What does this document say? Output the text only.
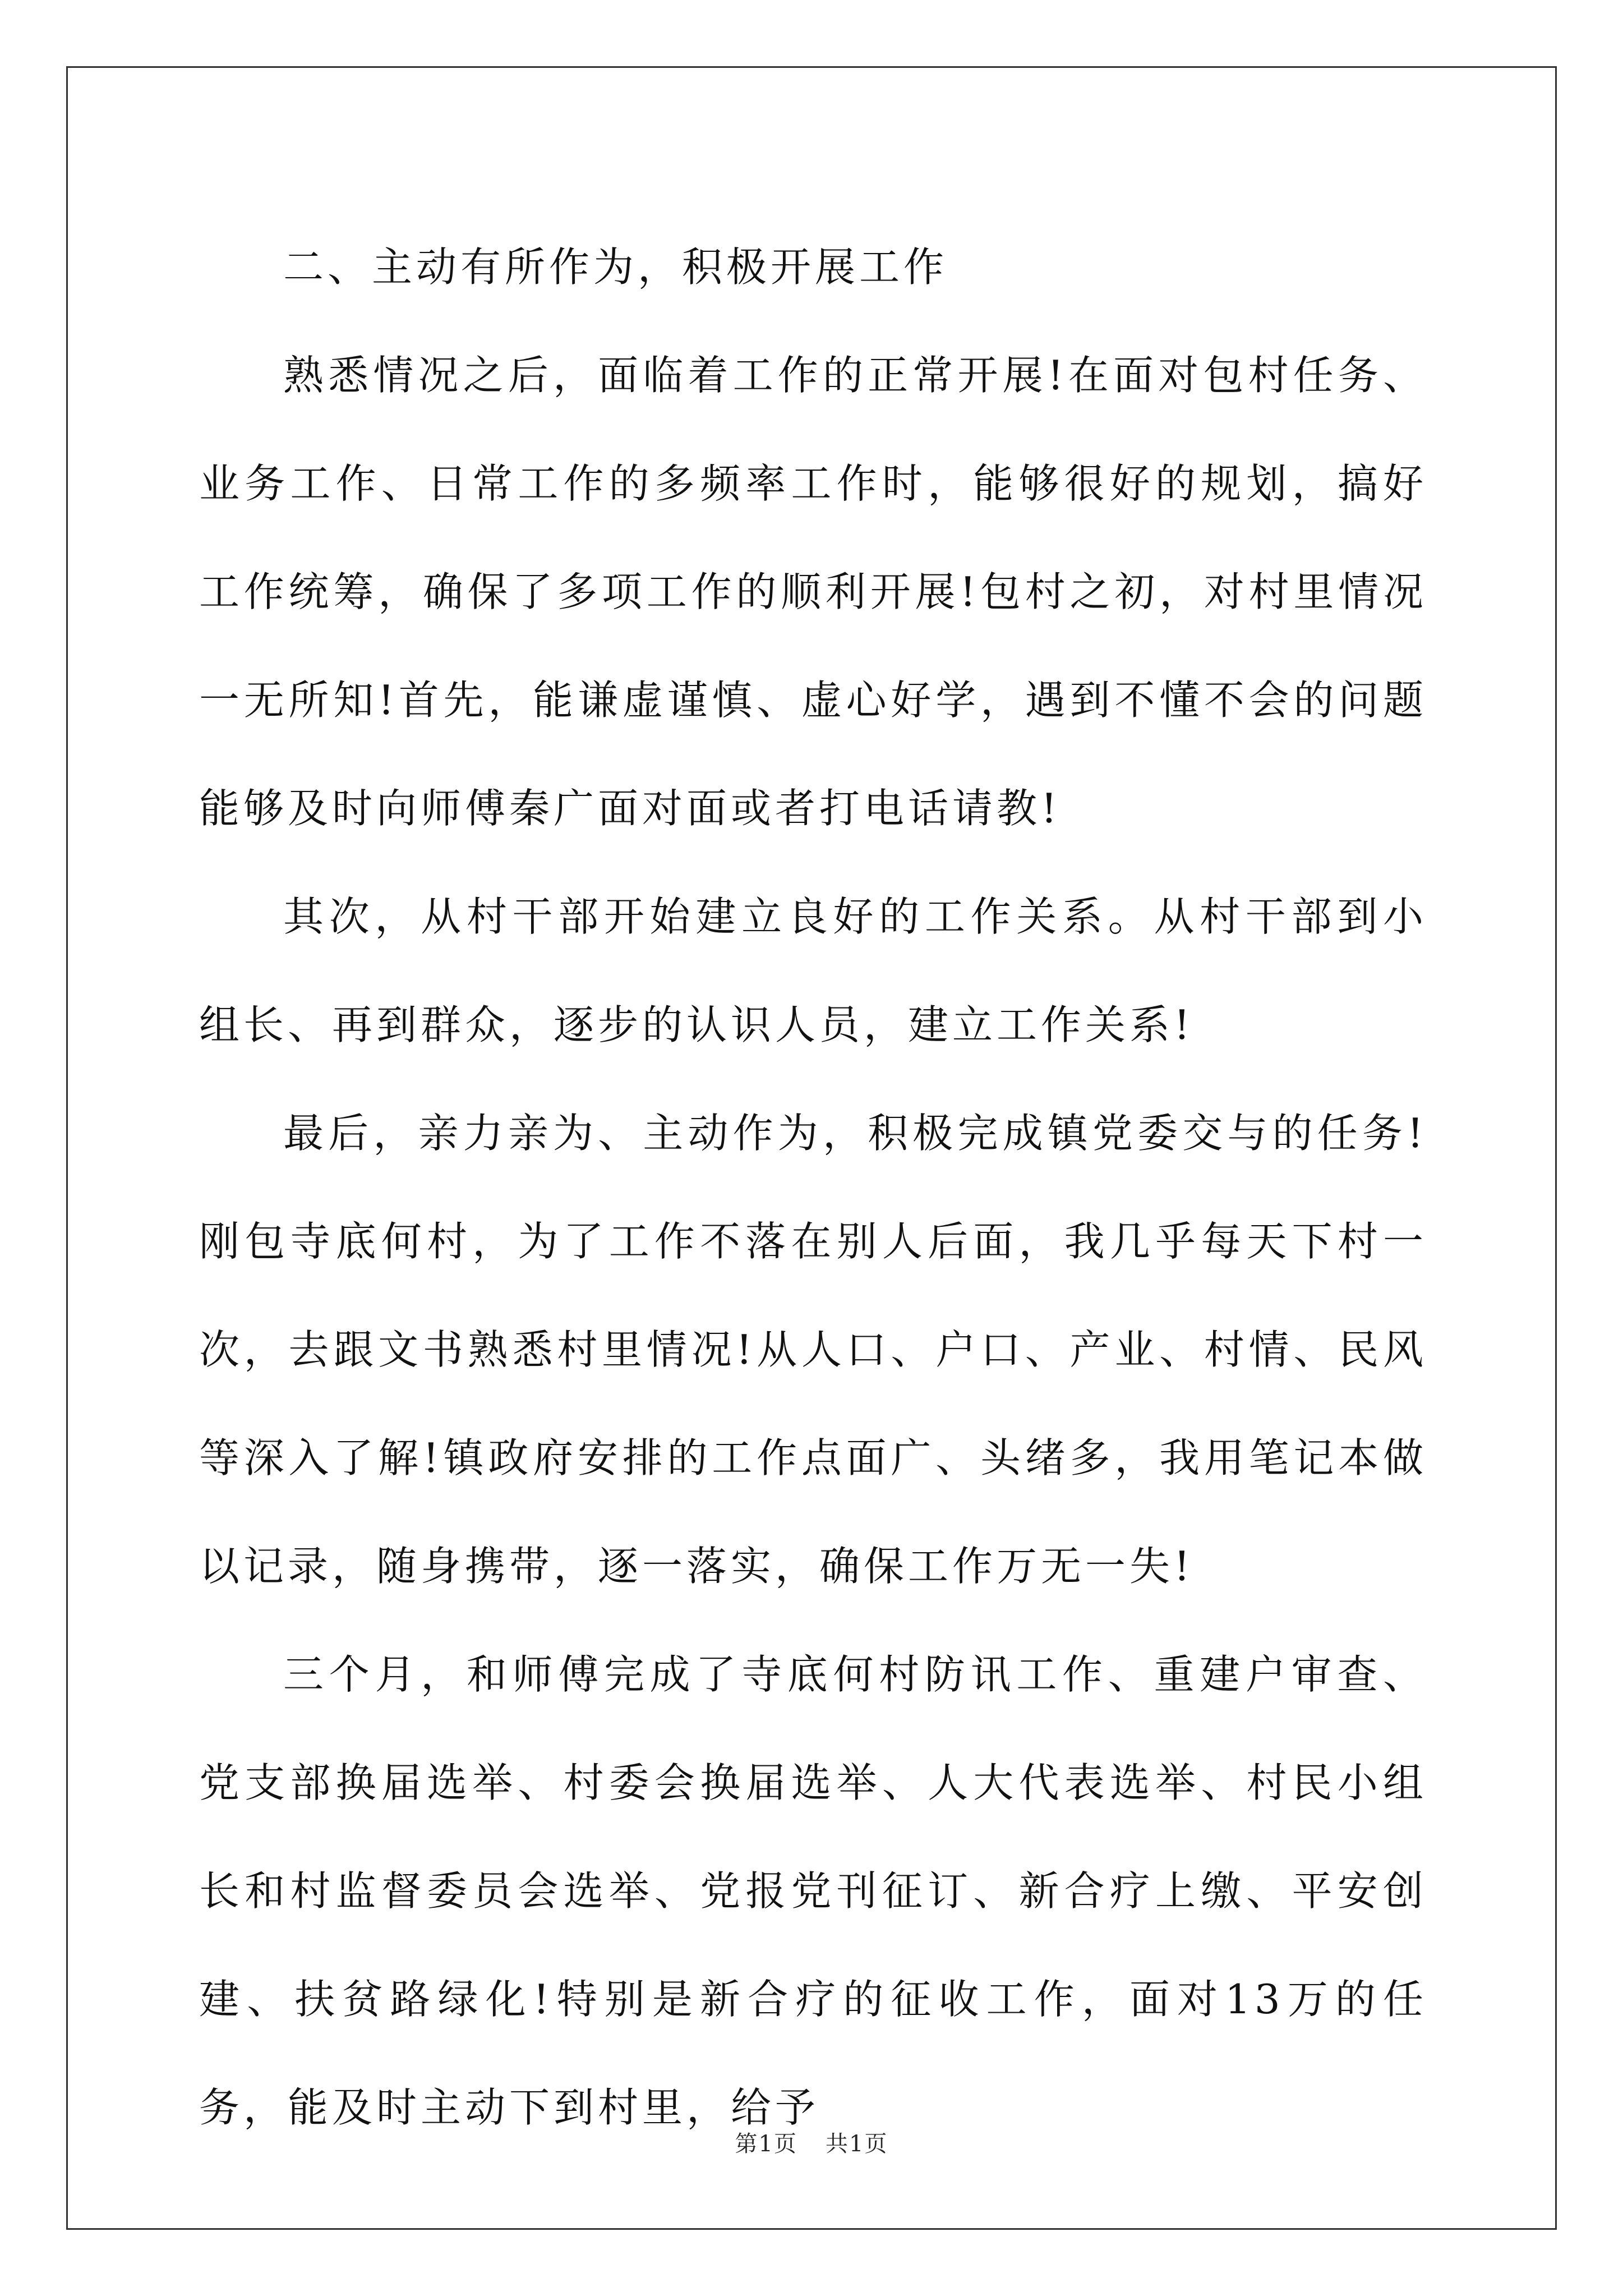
二、主动有所作为，积极开展工作

熟悉情况之后，面临着工作的正常开展!在面对包村任务、业务工作、日常工作的多频率工作时，能够很好的规划，搞好工作统筹，确保了多项工作的顺利开展!包村之初，对村里情况一无所知!首先，能谦虚谨慎、虚心好学，遇到不懂不会的问题能够及时向师傅秦广面对面或者打电话请教!

其次，从村干部开始建立良好的工作关系。从村干部到小组长、再到群众，逐步的认识人员，建立工作关系!

最后，亲力亲为、主动作为，积极完成镇党委交与的任务!刚包寺底何村，为了工作不落在别人后面，我几乎每天下村一次，去跟文书熟悉村里情况!从人口、户口、产业、村情、民风等深入了解!镇政府安排的工作点面广、头绪多，我用笔记本做以记录，随身携带，逐一落实，确保工作万无一失!

三个月，和师傅完成了寺底何村防讯工作、重建户审查、党支部换届选举、村委会换届选举、人大代表选举、村民小组长和村监督委员会选举、党报党刊征订、新合疗上缴、平安创建、扶贫路绿化!特别是新合疗的征收工作，面对13万的任务，能及时主动下到村里，给予

第1页 共1页
